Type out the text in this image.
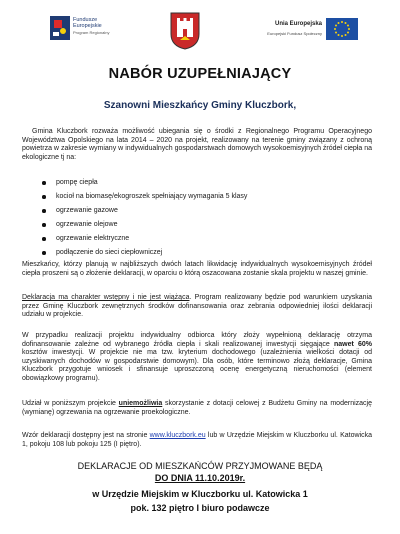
Fundusze
Europejskie
Program Regionalny
Unia Europejska
Europejski Fundusz Społeczny
NABÓR UZUPEŁNIAJĄCY
Szanowni Mieszkańcy Gminy Kluczbork,
Gmina Kluczbork rozważa możliwość ubiegania się o środki z Regionalnego Programu Operacyjnego Województwa Opolskiego na lata 2014 – 2020 na projekt, realizowany na terenie gminy związany z ochroną powietrza w zakresie wymiany w indywidualnych gospodarstwach domowych wysokoemisyjnych źródeł ciepła na ekologiczne tj na:
pompę ciepła
kocioł na biomasę/ekogroszek spełniający wymagania 5 klasy
ogrzewanie gazowe
ogrzewanie olejowe
ogrzewanie elektryczne
podłączenie do sieci ciepłowniczej
Mieszkańcy, którzy planują w najbliższych dwóch latach likwidację indywidualnych wysokoemisyjnych źródeł ciepła proszeni są o złożenie deklaracji, w oparciu o którą oszacowana zostanie skala projektu w naszej gminie.
Deklaracja ma charakter wstępny i nie jest wiążąca. Program realizowany będzie pod warunkiem uzyskania przez Gminę Kluczbork zewnętrznych środków dofinansowania oraz zebrania odpowiedniej ilości deklaracji udziału w projekcie.
W przypadku realizacji projektu indywidualny odbiorca który złoży wypełnioną deklarację otrzyma dofinansowanie zależne od wybranego źródła ciepła i skali realizowanej inwestycji sięgające nawet 60% kosztów inwestycji. W projekcie nie ma tzw. kryterium dochodowego (uzależnienia wielkości dotacji od uzyskiwanych dochodów w gospodarstwie domowym). Dla osób, które terminowo złożą deklaracje, Gmina Kluczbork przygotuje wniosek i sfinansuje uproszczoną ocenę energetyczną nieruchomości (element obowiązkowy programu).
Udział w poniższym projekcie uniemożliwia skorzystanie z dotacji celowej z Budżetu Gminy na modernizację (wymianę) ogrzewania na ogrzewanie proekologiczne.
Wzór deklaracji dostępny jest na stronie www.kluczbork.eu lub w Urzędzie Miejskim w Kluczborku ul. Katowicka 1, pokoju 108 lub pokoju 125 (I piętro).
DEKLARACJE OD MIESZKAŃCÓW PRZYJMOWANE BĘDĄ
DO DNIA 11.10.2019r.
w Urzędzie Miejskim w Kluczborku ul. Katowicka 1
pok. 132 piętro I biuro podawcze
